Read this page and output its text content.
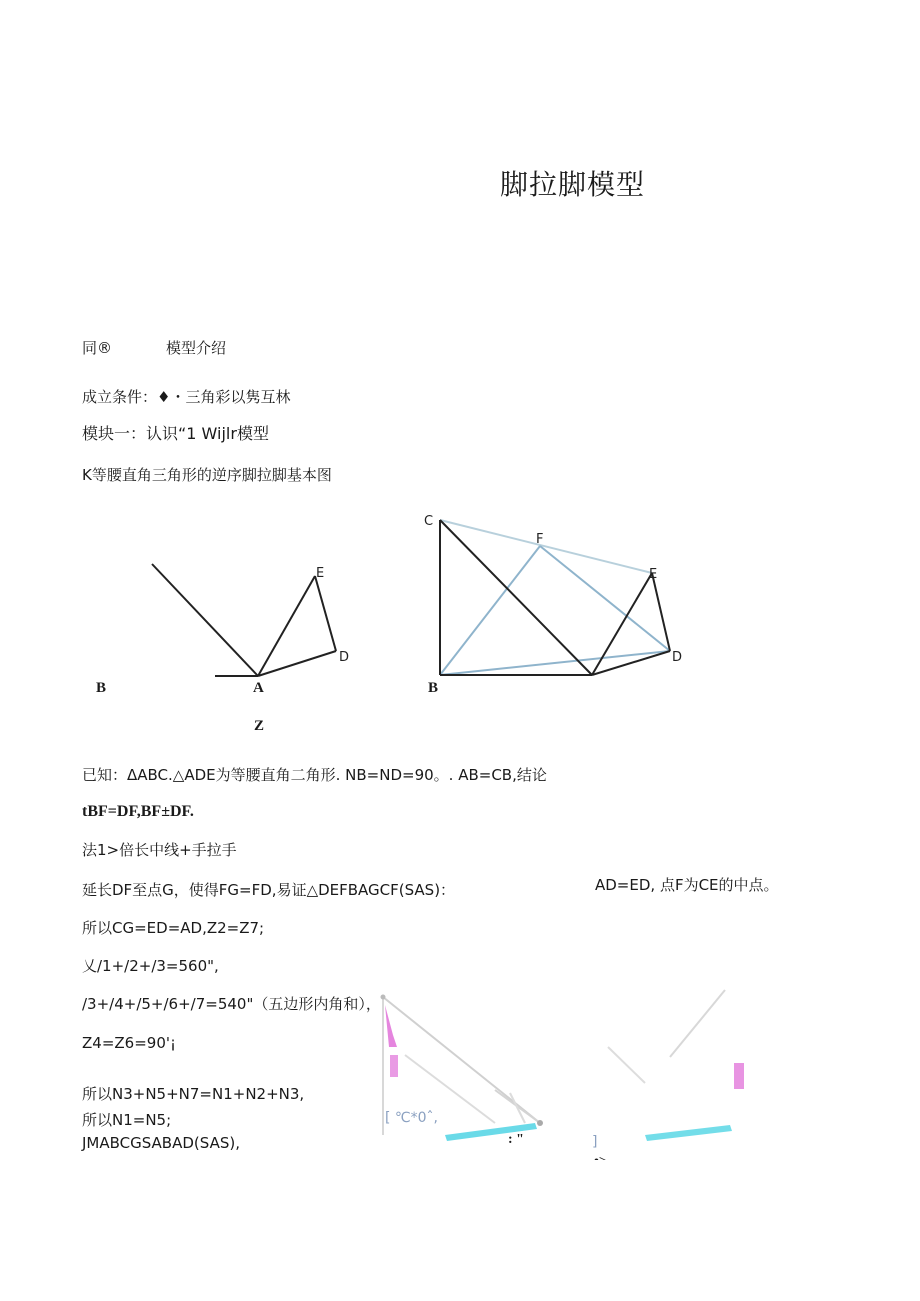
脚拉脚模型
同®	模型介绍
成立条件：♦・三角彩以隽互林
模块一：认识“1 Wijlr模型
K等腰直角三角形的逆序脚拉脚基本图
E
D
B	A
Z
C
F
E
D
B
已知：ΔABC.△ADE为等腰直角二角形. NB=ND=90。. AB=CB,结论
tBF=DF,BF±DF.
法1>倍长中线+手拉手
延长DF至点G，使得FG=FD,易证△DEFBAGCF(SAS)：	AD=ED, 点F为CE的中点。
所以CG=ED=AD,Z2=Z7;
乂/1+/2+/3=560",
/3+/4+/5+/6+/7=540"（五边形内角和），
Z4=Z6=90'¡
所以N3+N5+N7=N1+N2+N3,
所以N1=N5;
JMABCGSABAD(SAS),
[ ℃*0ˆ,
: "	]
